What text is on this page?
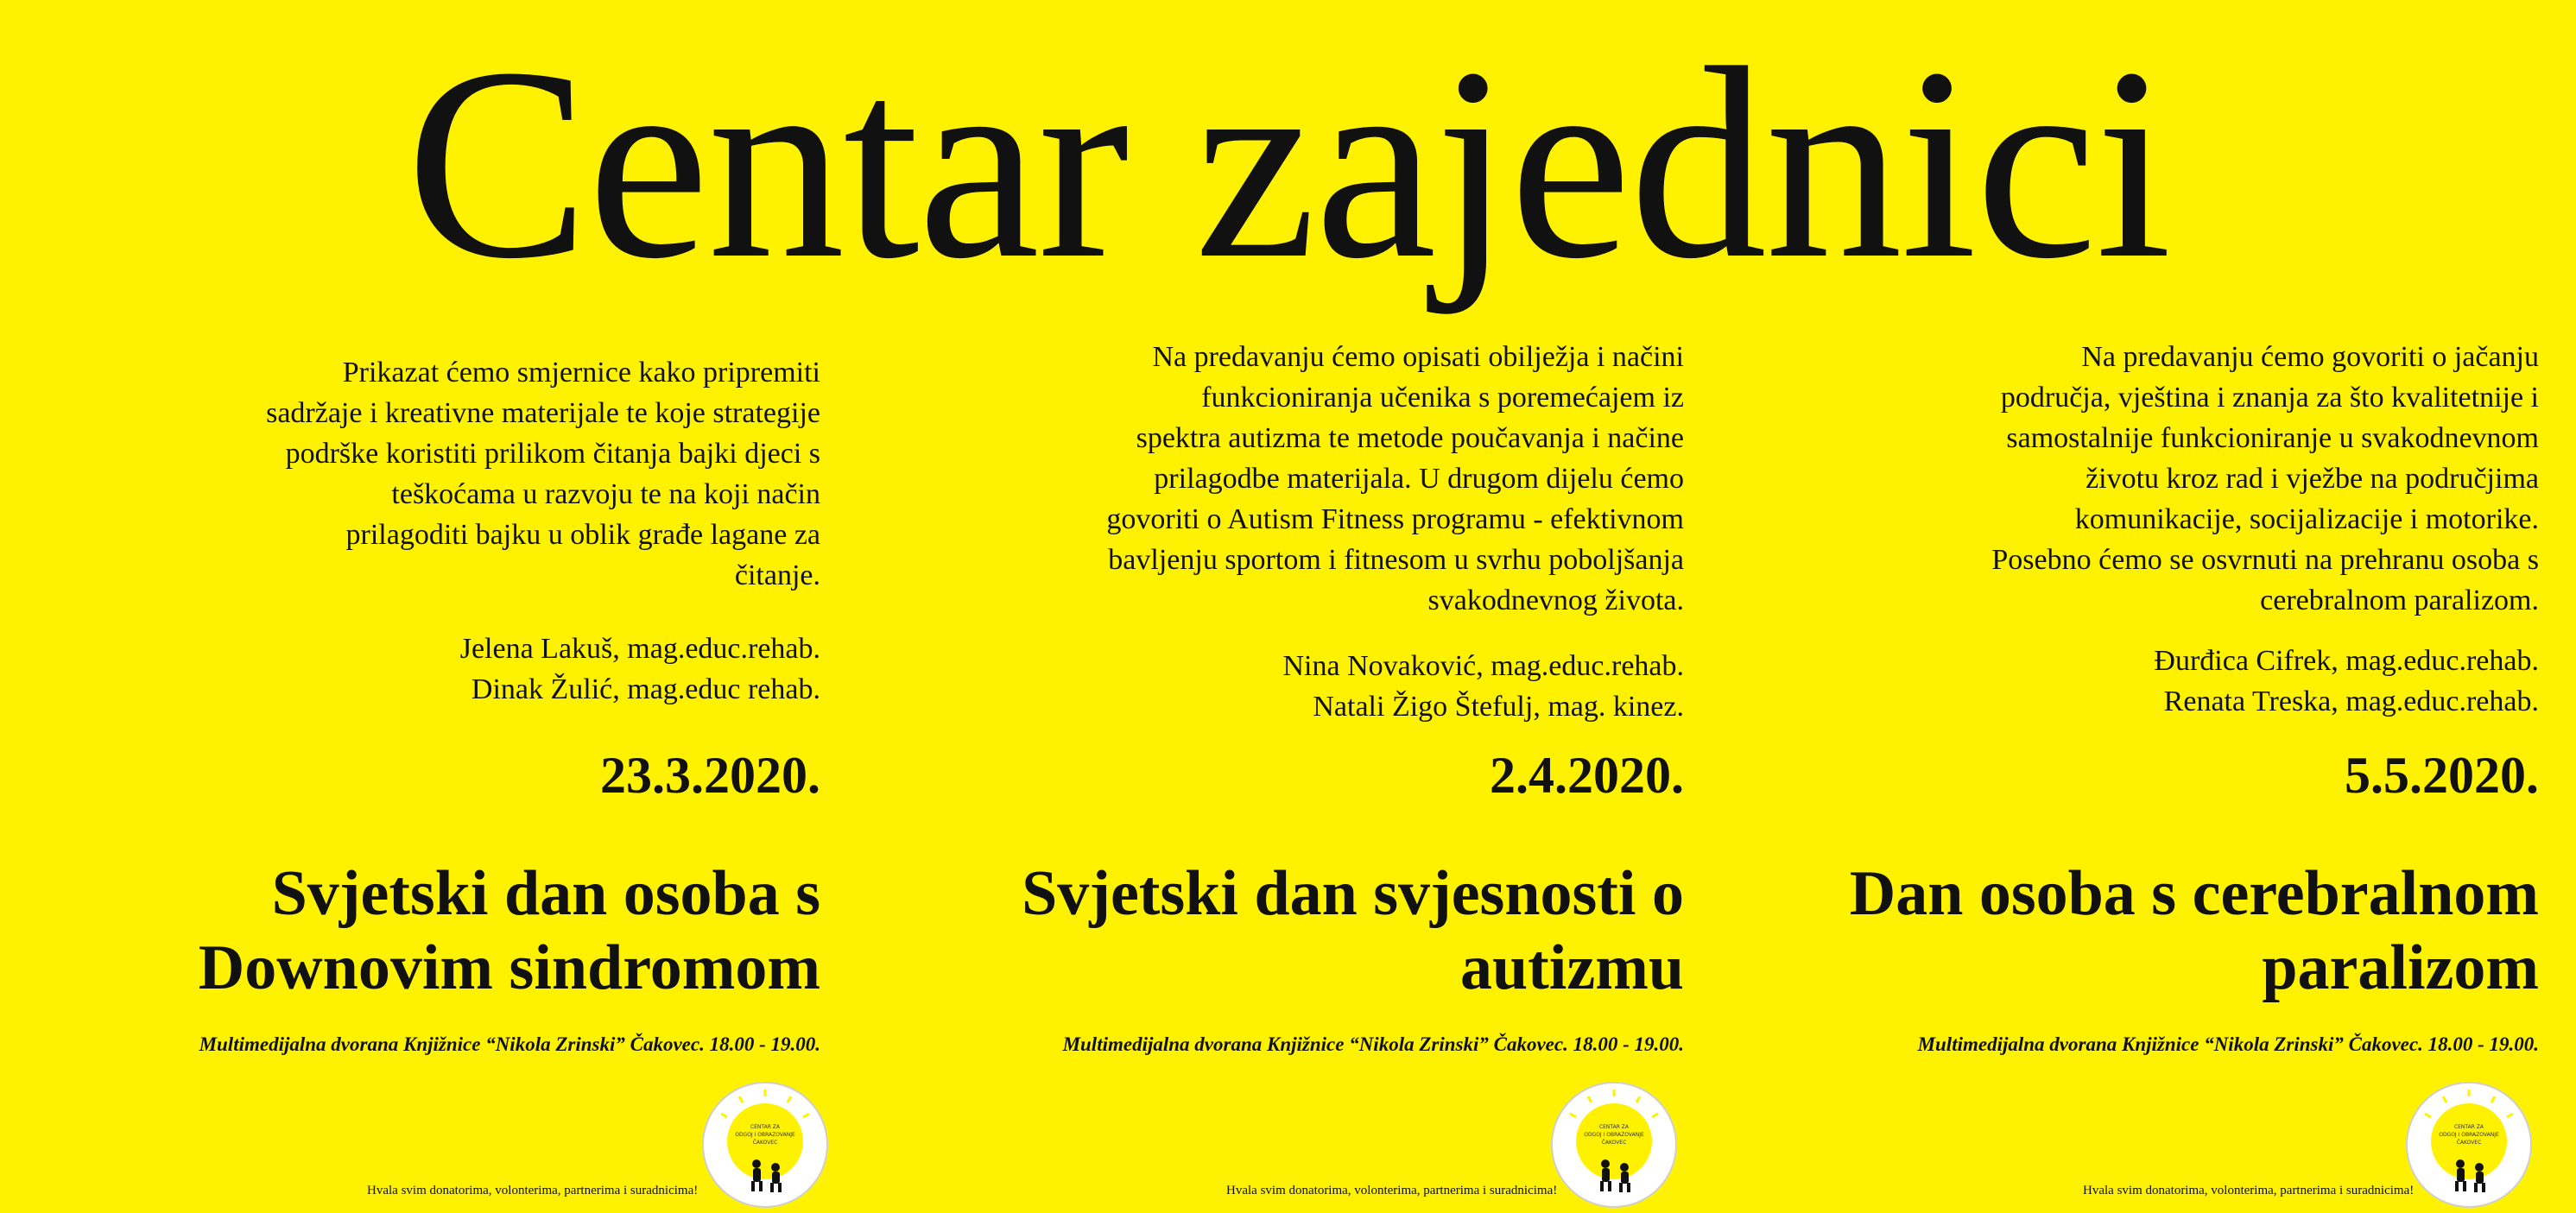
Centar zajednici

Prikazat ćemo smjernice kako pripremiti
sadržaje i kreativne materijale te koje strategije
podrške koristiti prilikom čitanja bajki djeci s
teškoćama u razvoju te na koji način
prilagoditi bajku u oblik građe lagane za
čitanje.

Jelena Lakuš, mag.educ.rehab.
Dinak Žulić, mag.educ rehab.

23.3.2020.
Svjetski dan osoba s Downovim sindromom
Multimedijalna dvorana Knjižnice “Nikola Zrinski” Čakovec. 18.00 - 19.00.
CENTAR ZA
ODGOJ I OBRAZOVANJE
ČAKOVEC
Hvala svim donatorima, volonterima, partnerima i suradnicima!

Na predavanju ćemo opisati obilježja i načini
funkcioniranja učenika s poremećajem iz
spektra autizma te metode poučavanja i načine
prilagodbe materijala. U drugom dijelu ćemo
govoriti o Autism Fitness programu - efektivnom
bavljenju sportom i fitnesom u svrhu poboljšanja
svakodnevnog života.

Nina Novaković, mag.educ.rehab.
Natali Žigo Štefulj, mag. kinez.

2.4.2020.
Svjetski dan svjesnosti o autizmu
Multimedijalna dvorana Knjižnice “Nikola Zrinski” Čakovec. 18.00 - 19.00.
CENTAR ZA
ODGOJ I OBRAZOVANJE
ČAKOVEC
Hvala svim donatorima, volonterima, partnerima i suradnicima!

Na predavanju ćemo govoriti o jačanju
područja, vještina i znanja za što kvalitetnije i
samostalnije funkcioniranje u svakodnevnom
životu kroz rad i vježbe na područjima
komunikacije, socijalizacije i motorike.
Posebno ćemo se osvrnuti na prehranu osoba s
cerebralnom paralizom.

Đurđica Cifrek, mag.educ.rehab.
Renata Treska, mag.educ.rehab.

5.5.2020.
Dan osoba s cerebralnom paralizom
Multimedijalna dvorana Knjižnice “Nikola Zrinski” Čakovec. 18.00 - 19.00.
CENTAR ZA
ODGOJ I OBRAZOVANJE
ČAKOVEC
Hvala svim donatorima, volonterima, partnerima i suradnicima!
